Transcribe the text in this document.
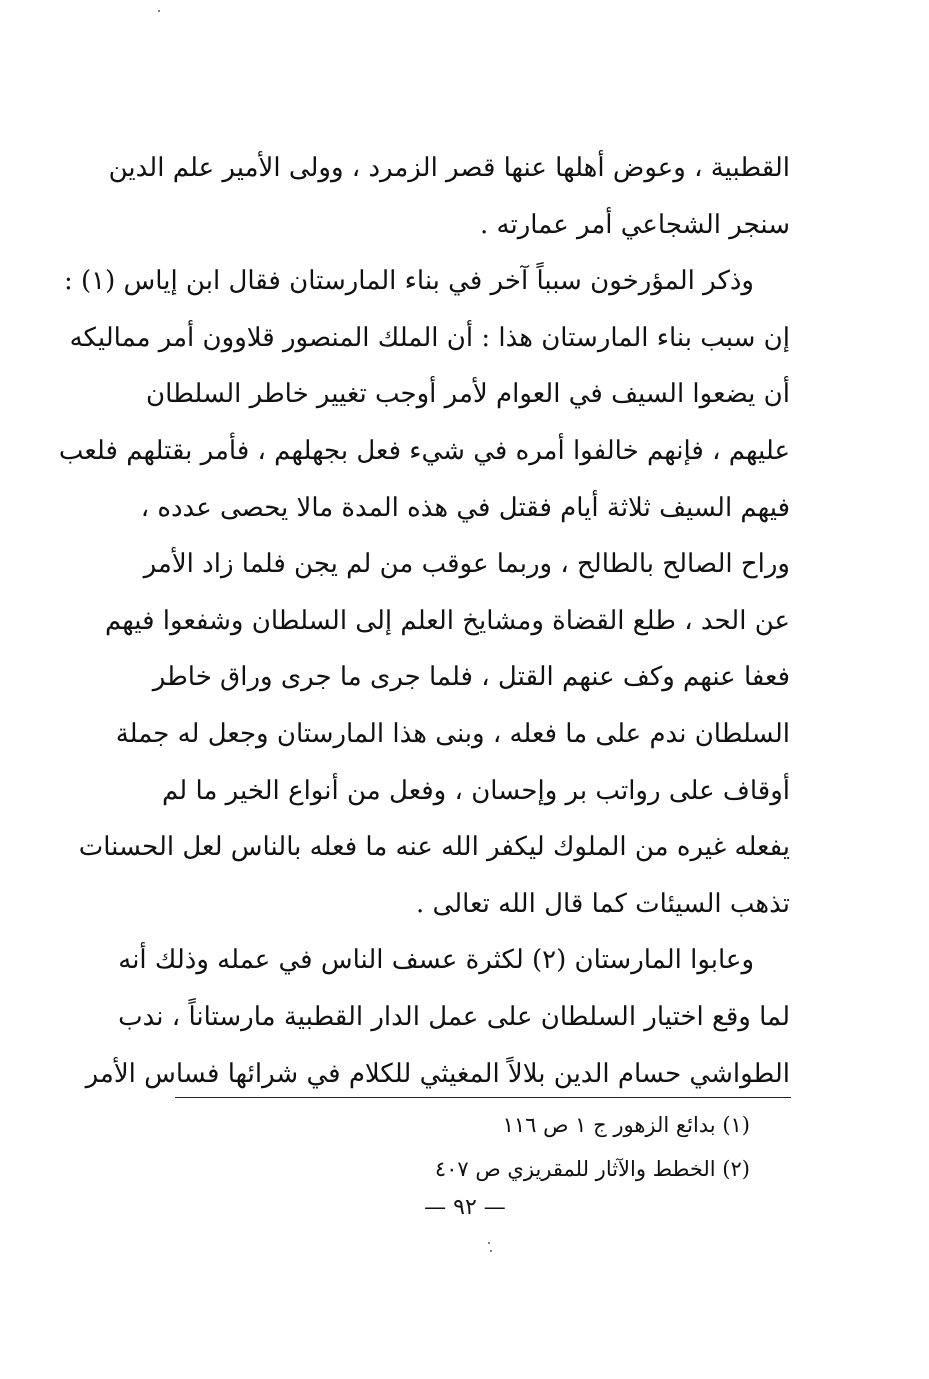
القطبية ، وعوض أهلها عنها قصر الزمرد ، وولى الأمير علم الدين
سنجر الشجاعي أمر عمارته .
وذكر المؤرخون سبباً آخر في بناء المارستان فقال ابن إياس (١) :
إن سبب بناء المارستان هذا : أن الملك المنصور قلاوون أمر مماليكه
أن يضعوا السيف في العوام لأمر أوجب تغيير خاطر السلطان
عليهم ، فإنهم خالفوا أمره في شيء فعل بجهلهم ، فأمر بقتلهم فلعب
فيهم السيف ثلاثة أيام فقتل في هذه المدة مالا يحصى عدده ،
وراح الصالح بالطالح ، وربما عوقب من لم يجن فلما زاد الأمر
عن الحد ، طلع القضاة ومشايخ العلم إلى السلطان وشفعوا فيهم
فعفا عنهم وكف عنهم القتل ، فلما جرى ما جرى وراق خاطر
السلطان ندم على ما فعله ، وبنى هذا المارستان وجعل له جملة
أوقاف على رواتب بر وإحسان ، وفعل من أنواع الخير ما لم
يفعله غيره من الملوك ليكفر الله عنه ما فعله بالناس لعل الحسنات
تذهب السيئات كما قال الله تعالى .
وعابوا المارستان (٢) لكثرة عسف الناس في عمله وذلك أنه
لما وقع اختيار السلطان على عمل الدار القطبية مارستاناً ، ندب
الطواشي حسام الدين بلالاً المغيثي للكلام في شرائها فساس الأمر
(١) بدائع الزهور ج ١ ص ١١٦
(٢) الخطط والآثار للمقريزي ص ٤٠٧
— ٩٢ —
